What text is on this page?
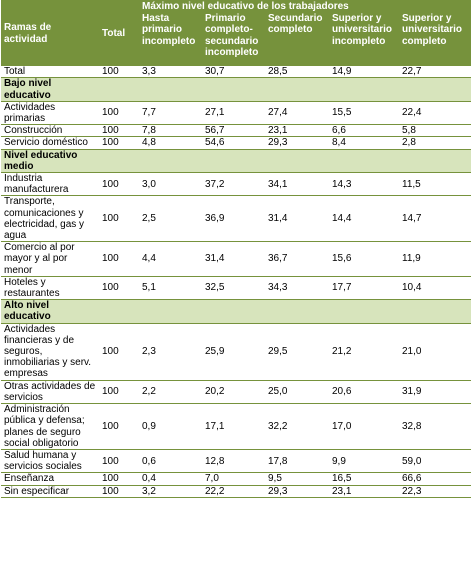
Ramas de actividad	Total	Máximo nivel educativo de los trabajadores				
		Hasta primario incompleto	Primario completo-secundario incompleto	Secundario completo	Superior y universitario incompleto	Superior y universitario completo
Total	100	3,3	30,7	28,5	14,9	22,7
Bajo nivel educativo						
Actividades primarias	100	7,7	27,1	27,4	15,5	22,4
Construcción	100	7,8	56,7	23,1	6,6	5,8
Servicio doméstico	100	4,8	54,6	29,3	8,4	2,8
Nivel educativo medio						
Industria manufacturera	100	3,0	37,2	34,1	14,3	11,5
Transporte, comunicaciones y electricidad, gas y agua	100	2,5	36,9	31,4	14,4	14,7
Comercio al por mayor y al por menor	100	4,4	31,4	36,7	15,6	11,9
Hoteles y restaurantes	100	5,1	32,5	34,3	17,7	10,4
Alto nivel educativo						
Actividades financieras y de seguros, inmobiliarias y serv. empresas	100	2,3	25,9	29,5	21,2	21,0
Otras actividades de servicios	100	2,2	20,2	25,0	20,6	31,9
Administración pública y defensa; planes de seguro social obligatorio	100	0,9	17,1	32,2	17,0	32,8
Salud humana y servicios sociales	100	0,6	12,8	17,8	9,9	59,0
Enseñanza	100	0,4	7,0	9,5	16,5	66,6
Sin especificar	100	3,2	22,2	29,3	23,1	22,3
